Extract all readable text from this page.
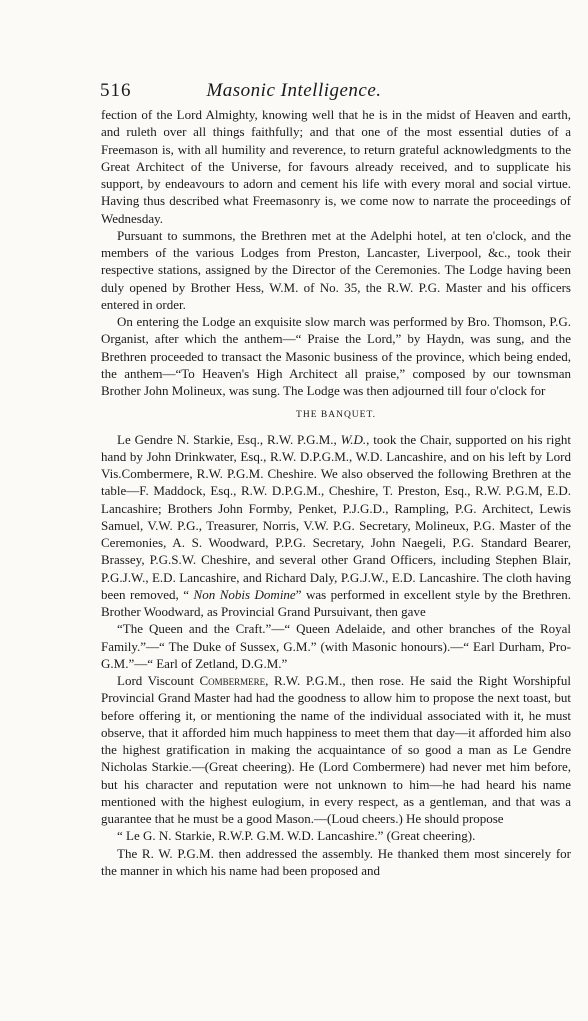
516	Masonic Intelligence.

fection of the Lord Almighty, knowing well that he is in the midst of Heaven and earth, and ruleth over all things faithfully; and that one of the most essential duties of a Freemason is, with all humility and reverence, to return grateful acknowledgments to the Great Architect of the Universe, for favours already received, and to supplicate his support, by endeavours to adorn and cement his life with every moral and social virtue. Having thus described what Freemasonry is, we come now to narrate the proceedings of Wednesday.

Pursuant to summons, the Brethren met at the Adelphi hotel, at ten o'clock, and the members of the various Lodges from Preston, Lancaster, Liverpool, &c., took their respective stations, assigned by the Director of the Ceremonies. The Lodge having been duly opened by Brother Hess, W.M. of No. 35, the R.W. P.G. Master and his officers entered in order.

On entering the Lodge an exquisite slow march was performed by Bro. Thomson, P.G. Organist, after which the anthem—“ Praise the Lord,” by Haydn, was sung, and the Brethren proceeded to transact the Masonic business of the province, which being ended, the anthem—“To Heaven's High Architect all praise,” composed by our townsman Brother John Molineux, was sung. The Lodge was then adjourned till four o'clock for

THE BANQUET.

Le Gendre N. Starkie, Esq., R.W. P.G.M., W.D., took the Chair, supported on his right hand by John Drinkwater, Esq., R.W. D.P.G.M., W.D. Lancashire, and on his left by Lord Vis.Combermere, R.W. P.G.M. Cheshire. We also observed the following Brethren at the table—F. Maddock, Esq., R.W. D.P.G.M., Cheshire, T. Preston, Esq., R.W. P.G.M, E.D. Lancashire; Brothers John Formby, Penket, P.J.G.D., Rampling, P.G. Architect, Lewis Samuel, V.W. P.G., Treasurer, Norris, V.W. P.G. Secretary, Molineux, P.G. Master of the Ceremonies, A. S. Woodward, P.P.G. Secretary, John Naegeli, P.G. Standard Bearer, Brassey, P.G.S.W. Cheshire, and several other Grand Officers, including Stephen Blair, P.G.J.W., E.D. Lancashire, and Richard Daly, P.G.J.W., E.D. Lancashire. The cloth having been removed, “ Non Nobis Domine” was performed in excellent style by the Brethren. Brother Woodward, as Provincial Grand Pursuivant, then gave

“The Queen and the Craft.”—“ Queen Adelaide, and other branches of the Royal Family.”—“ The Duke of Sussex, G.M.” (with Masonic honours).—“ Earl Durham, Pro-G.M.”—“ Earl of Zetland, D.G.M.”

Lord Viscount Combermere, R.W. P.G.M., then rose. He said the Right Worshipful Provincial Grand Master had had the goodness to allow him to propose the next toast, but before offering it, or mentioning the name of the individual associated with it, he must observe, that it afforded him much happiness to meet them that day—it afforded him also the highest gratification in making the acquaintance of so good a man as Le Gendre Nicholas Starkie.—(Great cheering). He (Lord Combermere) had never met him before, but his character and reputation were not unknown to him—he had heard his name mentioned with the highest eulogium, in every respect, as a gentleman, and that was a guarantee that he must be a good Mason.—(Loud cheers.) He should propose

“ Le G. N. Starkie, R.W.P. G.M. W.D. Lancashire.” (Great cheering).

The R. W. P.G.M. then addressed the assembly. He thanked them most sincerely for the manner in which his name had been proposed and
